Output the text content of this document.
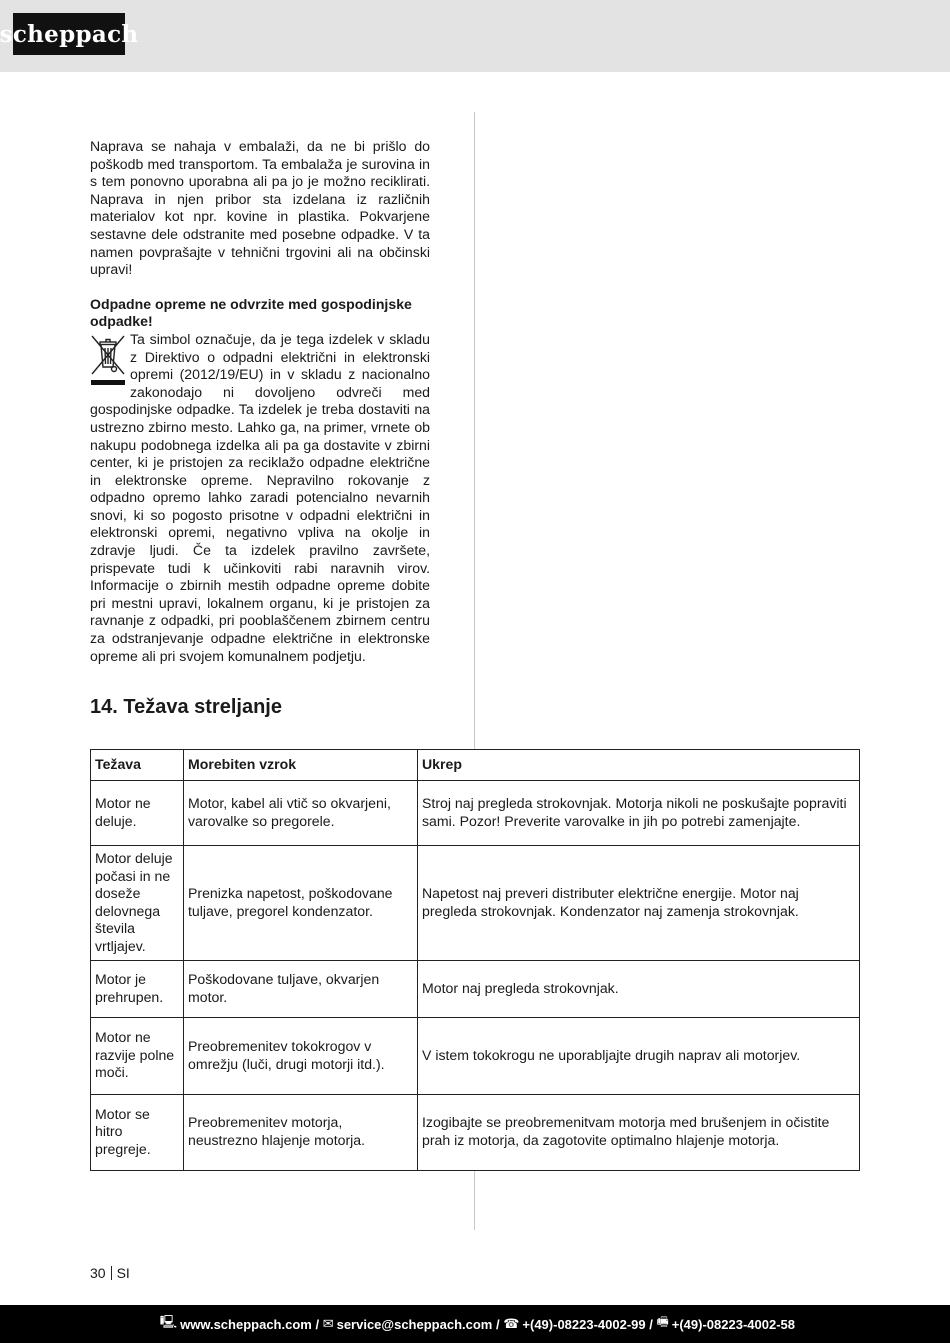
scheppach

Naprava se nahaja v embalaži, da ne bi prišlo do poškodb med transportom. Ta embalaža je surovina in s tem ponovno uporabna ali pa jo je možno reciklirati. Naprava in njen pribor sta izdelana iz različnih materialov kot npr. kovine in plastika. Pokvarjene sestavne dele odstranite med posebne odpadke. V ta namen povprašajte v tehnični trgovini ali na občinski upravi!

Odpadne opreme ne odvrzite med gospodinjske odpadke!

Ta simbol označuje, da je tega izdelek v skladu z Direktivo o odpadni električni in elektronski opremi (2012/19/EU) in v skladu z nacionalno zakonodajo ni dovoljeno odvreči med gospodinjske odpadke. Ta izdelek je treba dostaviti na ustrezno zbirno mesto. Lahko ga, na primer, vrnete ob nakupu podobnega izdelka ali pa ga dostavite v zbirni center, ki je pristojen za reciklažo odpadne električne in elektronske opreme. Nepravilno rokovanje z odpadno opremo lahko zaradi potencialno nevarnih snovi, ki so pogosto prisotne v odpadni električni in elektronski opremi, negativno vpliva na okolje in zdravje ljudi. Če ta izdelek pravilno završete, prispevate tudi k učinkoviti rabi naravnih virov. Informacije o zbirnih mestih odpadne opreme dobite pri mestni upravi, lokalnem organu, ki je pristojen za ravnanje z odpadki, pri pooblaščenem zbirnem centru za odstranjevanje odpadne električne in elektronske opreme ali pri svojem komunalnem podjetju.

14. Težava streljanje
Težava	Morebiten vzrok	Ukrep
Motor ne deluje.	Motor, kabel ali vtič so okvarjeni, varovalke so pregorele.	Stroj naj pregleda strokovnjak. Motorja nikoli ne poskušajte popraviti sami. Pozor! Preverite varovalke in jih po potrebi zamenjajte.
Motor deluje počasi in ne doseže delovnega števila vrtljajev.	Prenizka napetost, poškodovane tuljave, pregorel kondenzator.	Napetost naj preveri distributer električne energije. Motor naj pregleda strokovnjak. Kondenzator naj zamenja strokovnjak.
Motor je prehrupen.	Poškodovane tuljave, okvarjen motor.	Motor naj pregleda strokovnjak.
Motor ne razvije polne moči.	Preobremenitev tokokrogov v omrežju (luči, drugi motorji itd.).	V istem tokokrogu ne uporabljajte drugih naprav ali motorjev.
Motor se hitro pregreje.	Preobremenitev motorja, neustrezno hlajenje motorja.	Izogibajte se preobremenitvam motorja med brušenjem in očistite prah iz motorja, da zagotovite optimalno hlajenje motorja.
30 SI
🖳 www.scheppach.com / ✉ service@scheppach.com / ☎ +(49)-08223-4002-99 / 🖷 +(49)-08223-4002-58
